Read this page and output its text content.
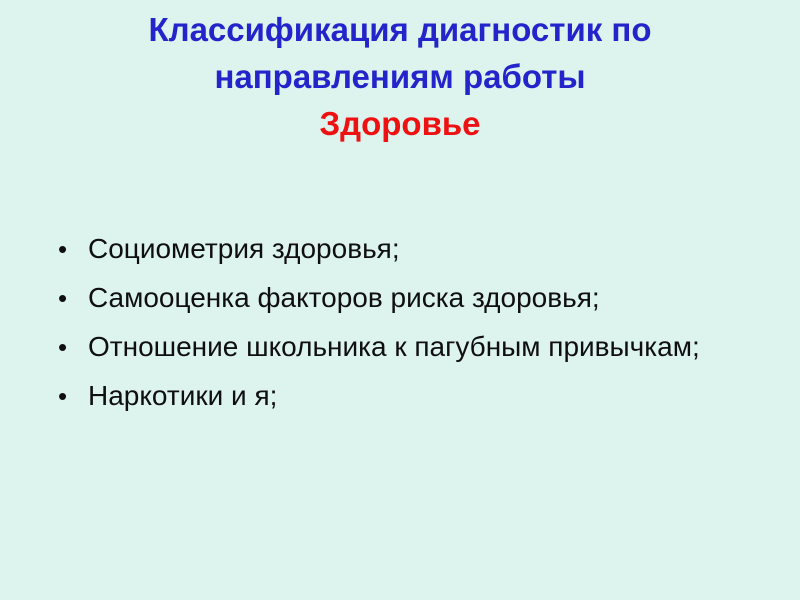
Классификация диагностик по
направлениям работы
Здоровье
• Социометрия здоровья;
• Самооценка факторов риска здоровья;
• Отношение школьника к пагубным привычкам;
• Наркотики и я;
